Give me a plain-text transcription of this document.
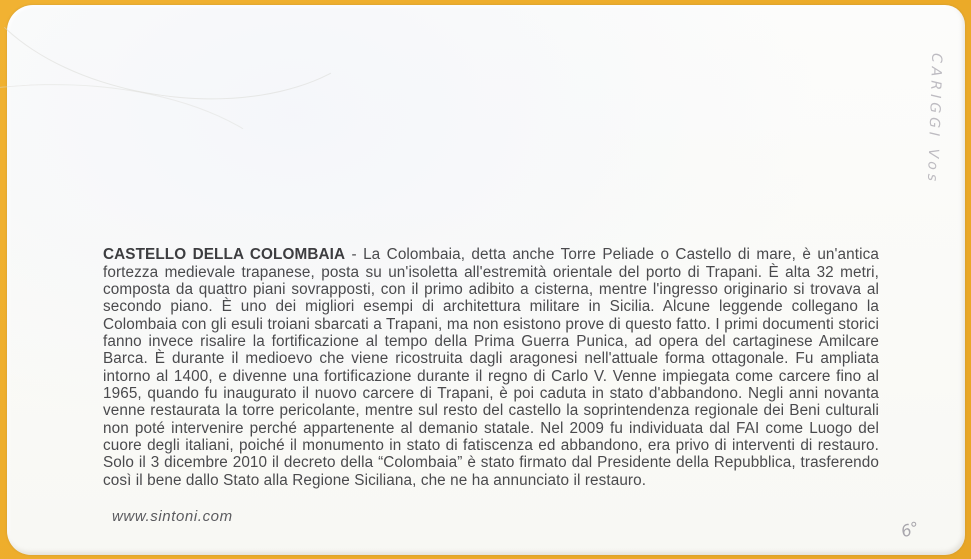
CASTELLO DELLA COLOMBAIA - La Colombaia, detta anche Torre Peliade o Castello di mare, è un'antica fortezza medievale trapanese, posta su un'isoletta all'estremità orientale del porto di Trapani. È alta 32 metri, composta da quattro piani sovrapposti, con il primo adibito a cisterna, mentre l'ingresso originario si trovava al secondo piano. È uno dei migliori esempi di architettura militare in Sicilia. Alcune leggende collegano la Colombaia con gli esuli troiani sbarcati a Trapani, ma non esistono prove di questo fatto. I primi documenti storici fanno invece risalire la fortificazione al tempo della Prima Guerra Punica, ad opera del cartaginese Amilcare Barca. È durante il medioevo che viene ricostruita dagli aragonesi nell'attuale forma ottagonale. Fu ampliata intorno al 1400, e divenne una fortificazione durante il regno di Carlo V. Venne impiegata come carcere fino al 1965, quando fu inaugurato il nuovo carcere di Trapani, è poi caduta in stato d'abbandono. Negli anni novanta venne restaurata la torre pericolante, mentre sul resto del castello la soprintendenza regionale dei Beni culturali non poté intervenire perché appartenente al demanio statale. Nel 2009 fu individuata dal FAI come Luogo del cuore degli italiani, poiché il monumento in stato di fatiscenza ed abbandono, era privo di interventi di restauro. Solo il 3 dicembre 2010 il decreto della “Colombaia” è stato firmato dal Presidente della Repubblica, trasferendo così il bene dallo Stato alla Regione Siciliana, che ne ha annunciato il restauro.

www.sintoni.com
CARIGGI Vos
6°
